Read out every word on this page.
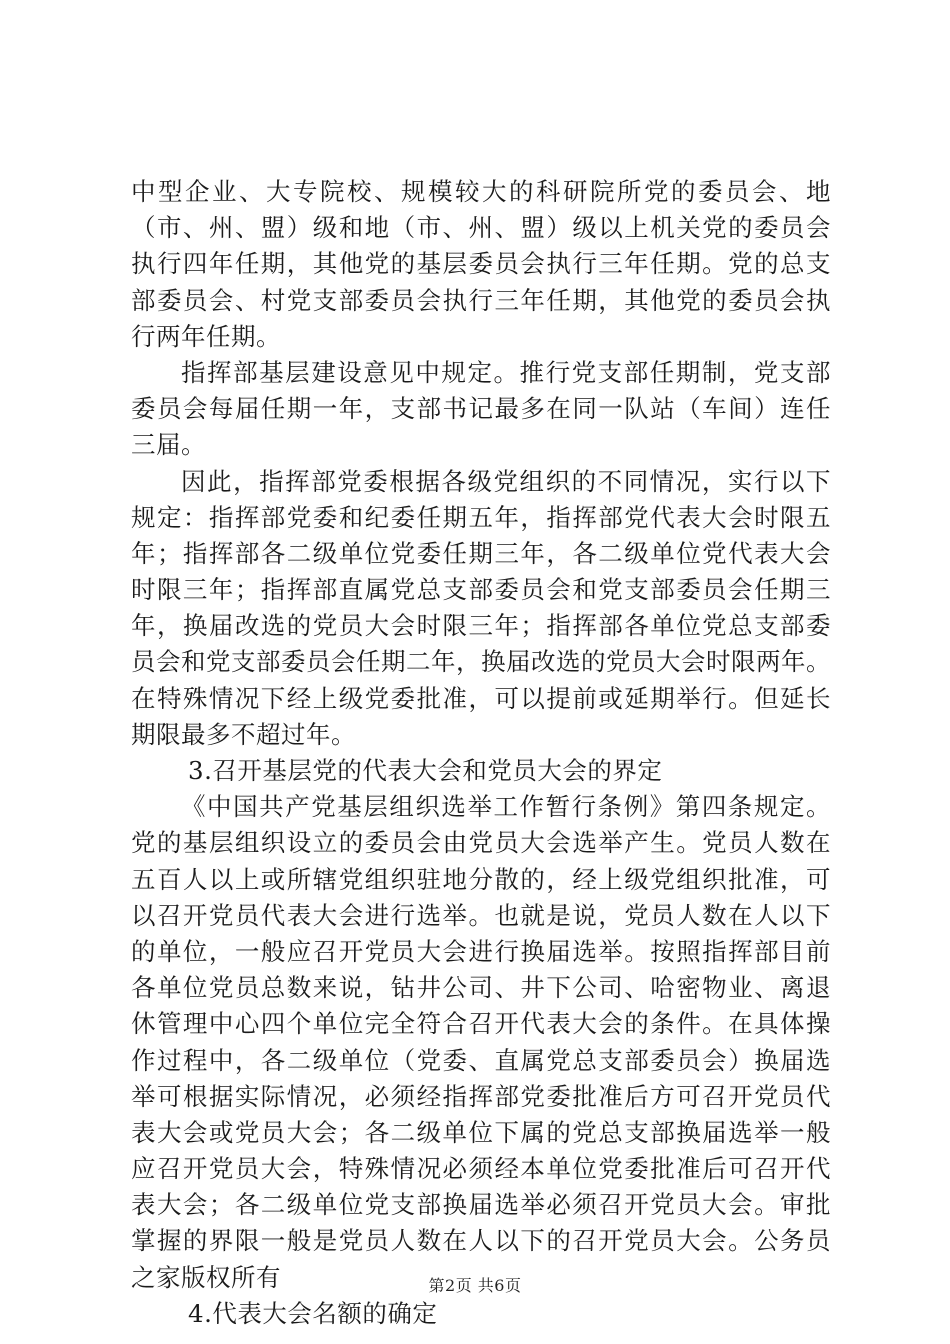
中型企业、大专院校、规模较大的科研院所党的委员会、地
（市、州、盟）级和地（市、州、盟）级以上机关党的委员会
执行四年任期，其他党的基层委员会执行三年任期。党的总支
部委员会、村党支部委员会执行三年任期，其他党的委员会执
行两年任期。
指挥部基层建设意见中规定。推行党支部任期制，党支部
委员会每届任期一年，支部书记最多在同一队站（车间）连任
三届。
因此，指挥部党委根据各级党组织的不同情况，实行以下
规定：指挥部党委和纪委任期五年，指挥部党代表大会时限五
年；指挥部各二级单位党委任期三年，各二级单位党代表大会
时限三年；指挥部直属党总支部委员会和党支部委员会任期三
年，换届改选的党员大会时限三年；指挥部各单位党总支部委
员会和党支部委员会任期二年，换届改选的党员大会时限两年。
在特殊情况下经上级党委批准，可以提前或延期举行。但延长
期限最多不超过年。
3.召开基层党的代表大会和党员大会的界定
《中国共产党基层组织选举工作暂行条例》第四条规定。
党的基层组织设立的委员会由党员大会选举产生。党员人数在
五百人以上或所辖党组织驻地分散的，经上级党组织批准，可
以召开党员代表大会进行选举。也就是说，党员人数在人以下
的单位，一般应召开党员大会进行换届选举。按照指挥部目前
各单位党员总数来说，钻井公司、井下公司、哈密物业、离退
休管理中心四个单位完全符合召开代表大会的条件。在具体操
作过程中，各二级单位（党委、直属党总支部委员会）换届选
举可根据实际情况，必须经指挥部党委批准后方可召开党员代
表大会或党员大会；各二级单位下属的党总支部换届选举一般
应召开党员大会，特殊情况必须经本单位党委批准后可召开代
表大会；各二级单位党支部换届选举必须召开党员大会。审批
掌握的界限一般是党员人数在人以下的召开党员大会。公务员
之家版权所有
4.代表大会名额的确定
第2页 共6页
